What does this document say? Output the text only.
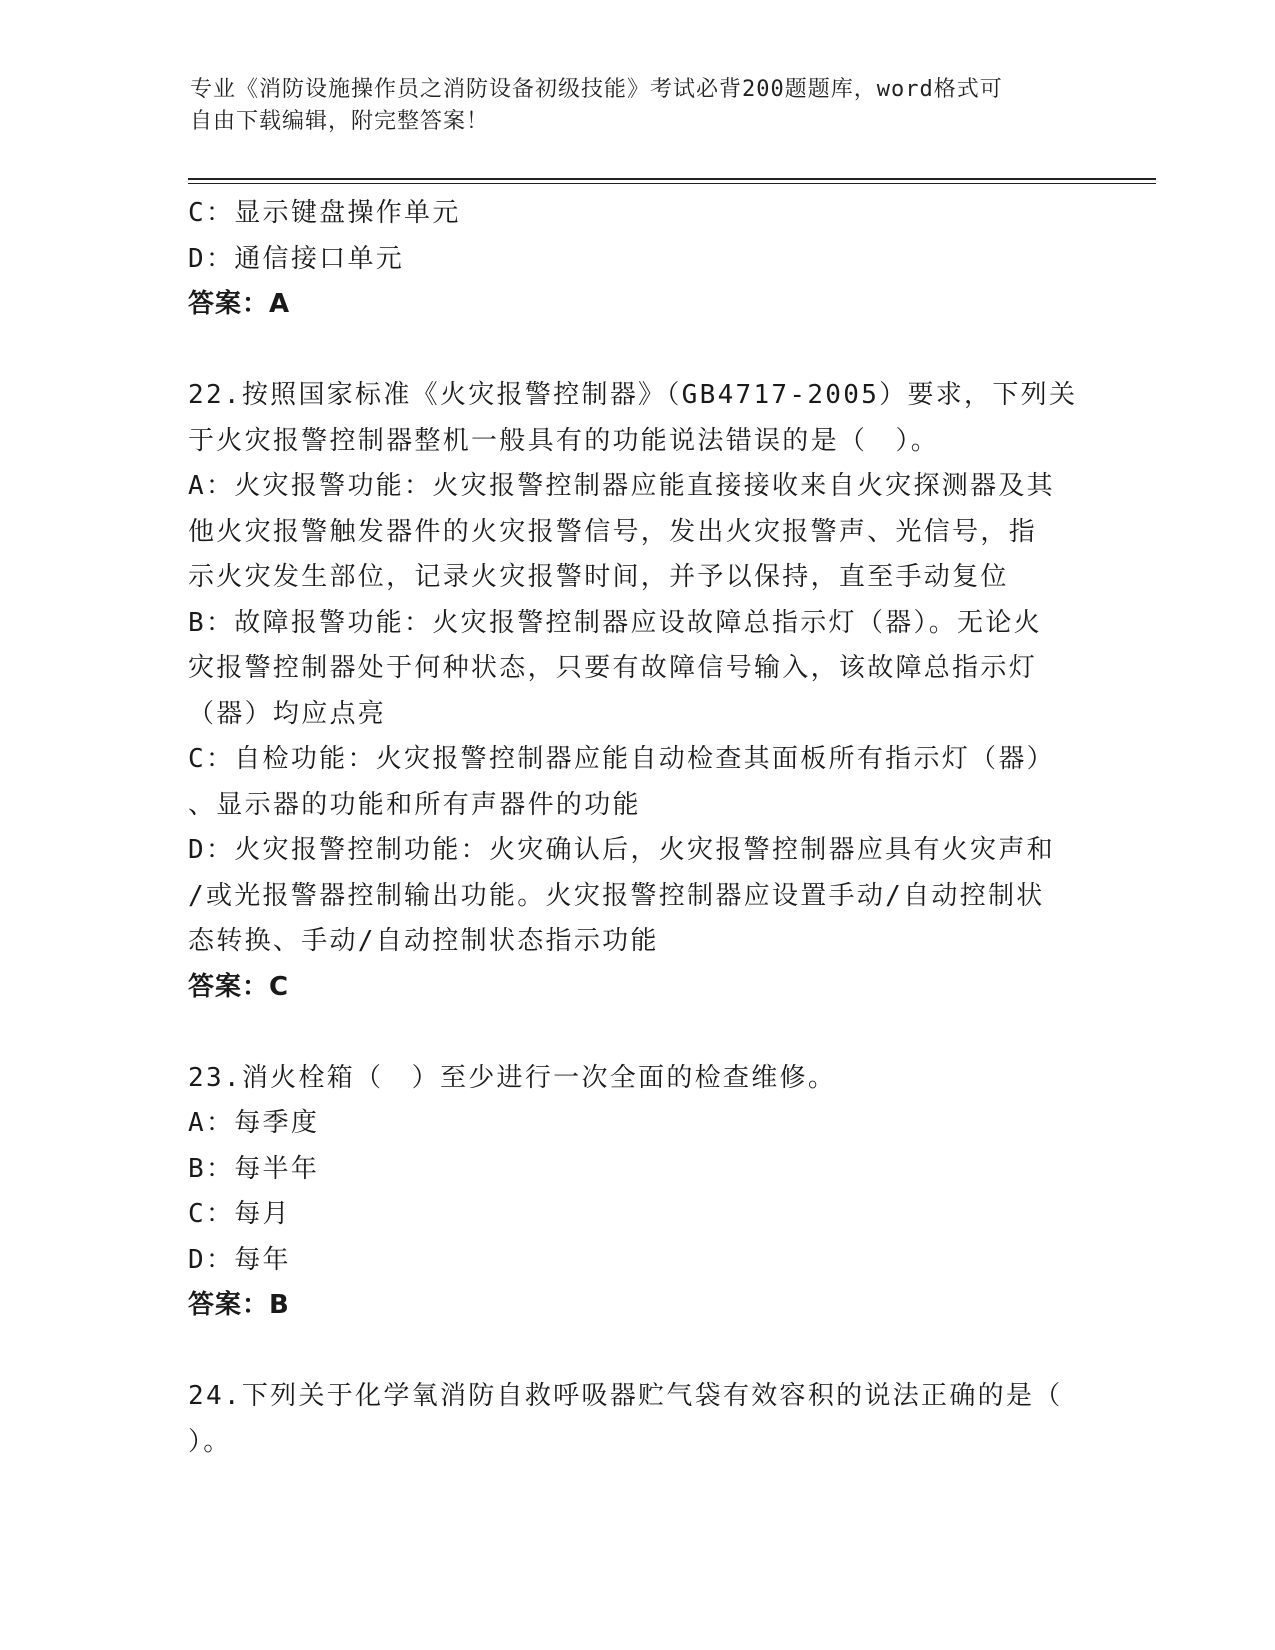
专业《消防设施操作员之消防设备初级技能》考试必背200题题库，word格式可
自由下载编辑，附完整答案！
C：显示键盘操作单元
D：通信接口单元
答案：A
22.按照国家标准《火灾报警控制器》（GB4717-2005）要求，下列关
于火灾报警控制器整机一般具有的功能说法错误的是（　）。
A：火灾报警功能：火灾报警控制器应能直接接收来自火灾探测器及其
他火灾报警触发器件的火灾报警信号，发出火灾报警声、光信号，指
示火灾发生部位，记录火灾报警时间，并予以保持，直至手动复位
B：故障报警功能：火灾报警控制器应设故障总指示灯（器）。无论火
灾报警控制器处于何种状态，只要有故障信号输入，该故障总指示灯
（器）均应点亮
C：自检功能：火灾报警控制器应能自动检查其面板所有指示灯（器）
、显示器的功能和所有声器件的功能
D：火灾报警控制功能：火灾确认后，火灾报警控制器应具有火灾声和
/或光报警器控制输出功能。火灾报警控制器应设置手动/自动控制状
态转换、手动/自动控制状态指示功能
答案：C
23.消火栓箱（　）至少进行一次全面的检查维修。
A：每季度
B：每半年
C：每月
D：每年
答案：B
24.下列关于化学氧消防自救呼吸器贮气袋有效容积的说法正确的是（
）。
